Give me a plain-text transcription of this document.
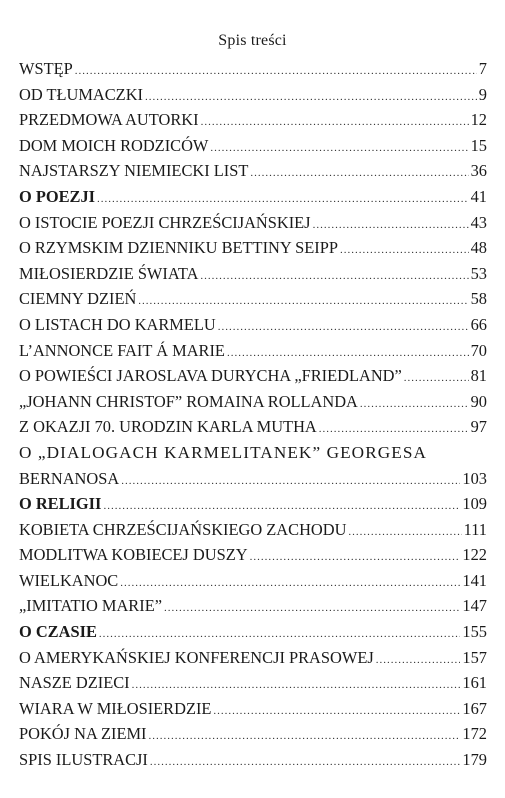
Spis treści
WSTĘP .....	7
OD TŁUMACZKI .....	9
PRZEDMOWA AUTORKI .....	12
DOM MOICH RODZICÓW .....	15
NAJSTARSZY NIEMIECKI LIST .....	36
O POEZJI .....	41
O ISTOCIE POEZJI CHRZEŚCIJAŃSKIEJ .....	43
O RZYMSKIM DZIENNIKU BETTINY SEIPP .....	48
MIŁOSIERDZIE ŚWIATA .....	53
CIEMNY DZIEŃ .....	58
O LISTACH DO KARMELU .....	66
L’ANNONCE FAIT Á MARIE .....	70
O POWIEŚCI JAROSLAVA DURYCHA „FRIEDLAND” .....	81
„JOHANN CHRISTOF” ROMAINA ROLLANDA .....	90
Z OKAZJI 70. URODZIN KARLA MUTHA .....	97
O „DIALOGACH KARMELITANEK” GEORGESA
BERNANOSA .....	103
O RELIGII .....	109
KOBIETA CHRZEŚCIJAŃSKIEGO ZACHODU .....	111
MODLITWA KOBIECEJ DUSZY .....	122
WIELKANOC .....	141
„IMITATIO MARIE” .....	147
O CZASIE .....	155
O AMERYKAŃSKIEJ KONFERENCJI PRASOWEJ .....	157
NASZE DZIECI .....	161
WIARA W MIŁOSIERDZIE .....	167
POKÓJ NA ZIEMI .....	172
SPIS ILUSTRACJI .....	179
